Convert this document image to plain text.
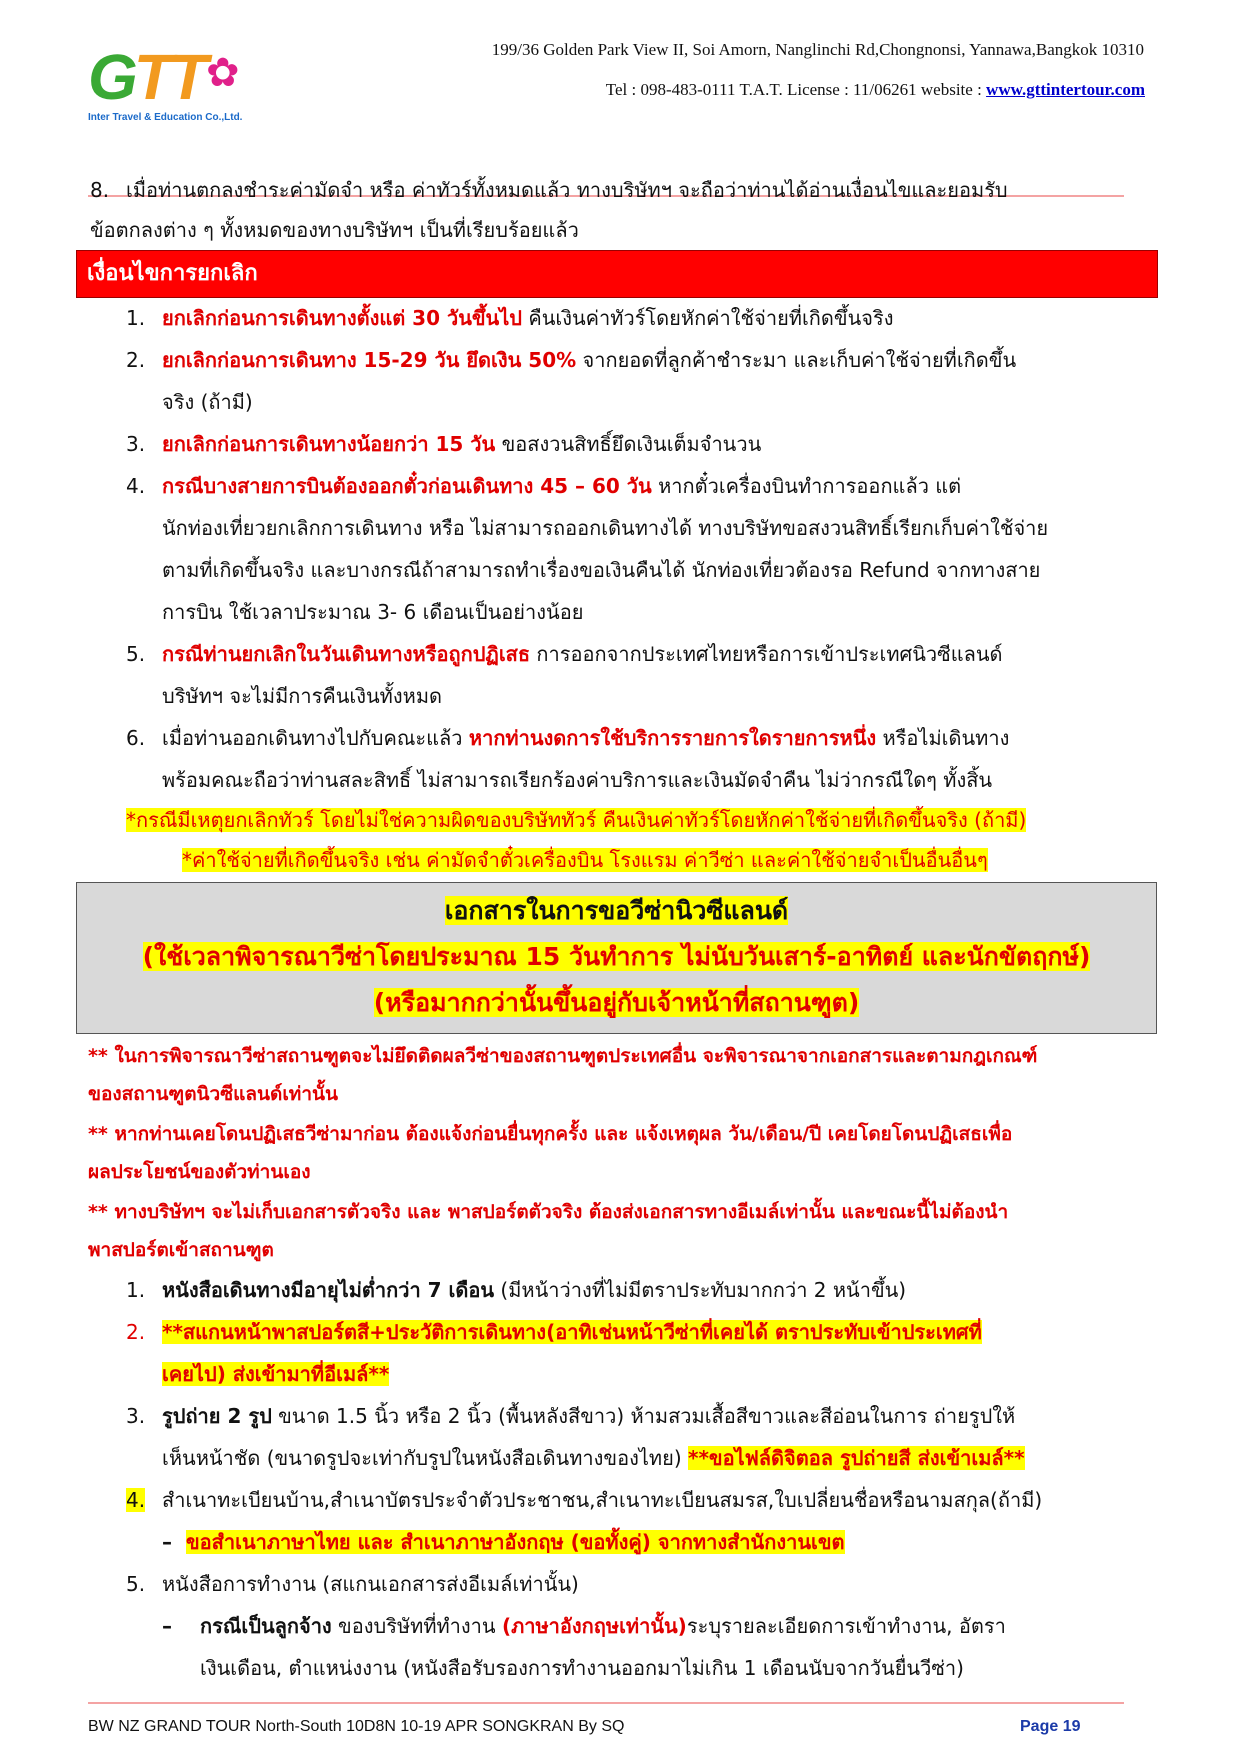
GTT ✿
Inter Travel & Education Co.,Ltd.
199/36 Golden Park View II, Soi Amorn, Nanglinchi Rd,Chongnonsi, Yannawa,Bangkok 10310
Tel : 098-483-0111 T.A.T. License : 11/06261 website : www.gttintertour.com
8. เมื่อท่านตกลงชำระค่ามัดจำ หรือ ค่าทัวร์ทั้งหมดแล้ว ทางบริษัทฯ จะถือว่าท่านได้อ่านเงื่อนไขและยอมรับ
ข้อตกลงต่าง ๆ ทั้งหมดของทางบริษัทฯ เป็นที่เรียบร้อยแล้ว
เงื่อนไขการยกเลิก
1. ยกเลิกก่อนการเดินทางตั้งแต่ 30 วันขึ้นไป คืนเงินค่าทัวร์โดยหักค่าใช้จ่ายที่เกิดขึ้นจริง
2. ยกเลิกก่อนการเดินทาง 15-29 วัน ยึดเงิน 50% จากยอดที่ลูกค้าชำระมา และเก็บค่าใช้จ่ายที่เกิดขึ้น
จริง (ถ้ามี)
3. ยกเลิกก่อนการเดินทางน้อยกว่า 15 วัน ขอสงวนสิทธิ์ยึดเงินเต็มจำนวน
4. กรณีบางสายการบินต้องออกตั๋วก่อนเดินทาง 45 – 60 วัน หากตั๋วเครื่องบินทำการออกแล้ว แต่
นักท่องเที่ยวยกเลิกการเดินทาง หรือ ไม่สามารถออกเดินทางได้ ทางบริษัทขอสงวนสิทธิ์เรียกเก็บค่าใช้จ่าย
ตามที่เกิดขึ้นจริง และบางกรณีถ้าสามารถทำเรื่องขอเงินคืนได้ นักท่องเที่ยวต้องรอ Refund จากทางสาย
การบิน ใช้เวลาประมาณ 3- 6 เดือนเป็นอย่างน้อย
5. กรณีท่านยกเลิกในวันเดินทางหรือถูกปฏิเสธ การออกจากประเทศไทยหรือการเข้าประเทศนิวซีแลนด์
บริษัทฯ จะไม่มีการคืนเงินทั้งหมด
6. เมื่อท่านออกเดินทางไปกับคณะแล้ว หากท่านงดการใช้บริการรายการใดรายการหนึ่ง หรือไม่เดินทาง
พร้อมคณะถือว่าท่านสละสิทธิ์ ไม่สามารถเรียกร้องค่าบริการและเงินมัดจำคืน ไม่ว่ากรณีใดๆ ทั้งสิ้น
*กรณีมีเหตุยกเลิกทัวร์ โดยไม่ใช่ความผิดของบริษัททัวร์ คืนเงินค่าทัวร์โดยหักค่าใช้จ่ายที่เกิดขึ้นจริง (ถ้ามี)
*ค่าใช้จ่ายที่เกิดขึ้นจริง เช่น ค่ามัดจำตั๋วเครื่องบิน โรงแรม ค่าวีซ่า และค่าใช้จ่ายจำเป็นอื่นอื่นๆ
เอกสารในการขอวีซ่านิวซีแลนด์
(ใช้เวลาพิจารณาวีซ่าโดยประมาณ 15 วันทำการ ไม่นับวันเสาร์-อาทิตย์ และนักขัตฤกษ์)
(หรือมากกว่านั้นขึ้นอยู่กับเจ้าหน้าที่สถานฑูต)
** ในการพิจารณาวีซ่าสถานฑูตจะไม่ยึดติดผลวีซ่าของสถานฑูตประเทศอื่น จะพิจารณาจากเอกสารและตามกฎเกณฑ์
ของสถานฑูตนิวซีแลนด์เท่านั้น
** หากท่านเคยโดนปฏิเสธวีซ่ามาก่อน ต้องแจ้งก่อนยื่นทุกครั้ง และ แจ้งเหตุผล วัน/เดือน/ปี เคยโดยโดนปฏิเสธเพื่อ
ผลประโยชน์ของตัวท่านเอง
** ทางบริษัทฯ จะไม่เก็บเอกสารตัวจริง และ พาสปอร์ตตัวจริง ต้องส่งเอกสารทางอีเมล์เท่านั้น และขณะนี้ไม่ต้องนำ
พาสปอร์ตเข้าสถานฑูต
1. หนังสือเดินทางมีอายุไม่ต่ำกว่า 7 เดือน (มีหน้าว่างที่ไม่มีตราประทับมากกว่า 2 หน้าขึ้น)
2. **สแกนหน้าพาสปอร์ตสี+ประวัติการเดินทาง(อาทิเช่นหน้าวีซ่าที่เคยได้ ตราประทับเข้าประเทศที่
เคยไป) ส่งเข้ามาที่อีเมล์**
3. รูปถ่าย 2 รูป ขนาด 1.5 นิ้ว หรือ 2 นิ้ว (พื้นหลังสีขาว) ห้ามสวมเสื้อสีขาวและสีอ่อนในการ ถ่ายรูปให้
เห็นหน้าชัด (ขนาดรูปจะเท่ากับรูปในหนังสือเดินทางของไทย) **ขอไฟล์ดิจิตอล รูปถ่ายสี ส่งเข้าเมล์**
4. สำเนาทะเบียนบ้าน,สำเนาบัตรประจำตัวประชาชน,สำเนาทะเบียนสมรส,ใบเปลี่ยนชื่อหรือนามสกุล(ถ้ามี)
– ขอสำเนาภาษาไทย และ สำเนาภาษาอังกฤษ (ขอทั้งคู่) จากทางสำนักงานเขต
5. หนังสือการทำงาน (สแกนเอกสารส่งอีเมล์เท่านั้น)
– กรณีเป็นลูกจ้าง ของบริษัทที่ทำงาน (ภาษาอังกฤษเท่านั้น)ระบุรายละเอียดการเข้าทำงาน, อัตรา
เงินเดือน, ตำแหน่งงาน (หนังสือรับรองการทำงานออกมาไม่เกิน 1 เดือนนับจากวันยื่นวีซ่า)
BW NZ GRAND TOUR North-South 10D8N 10-19 APR SONGKRAN By SQ	Page 19
